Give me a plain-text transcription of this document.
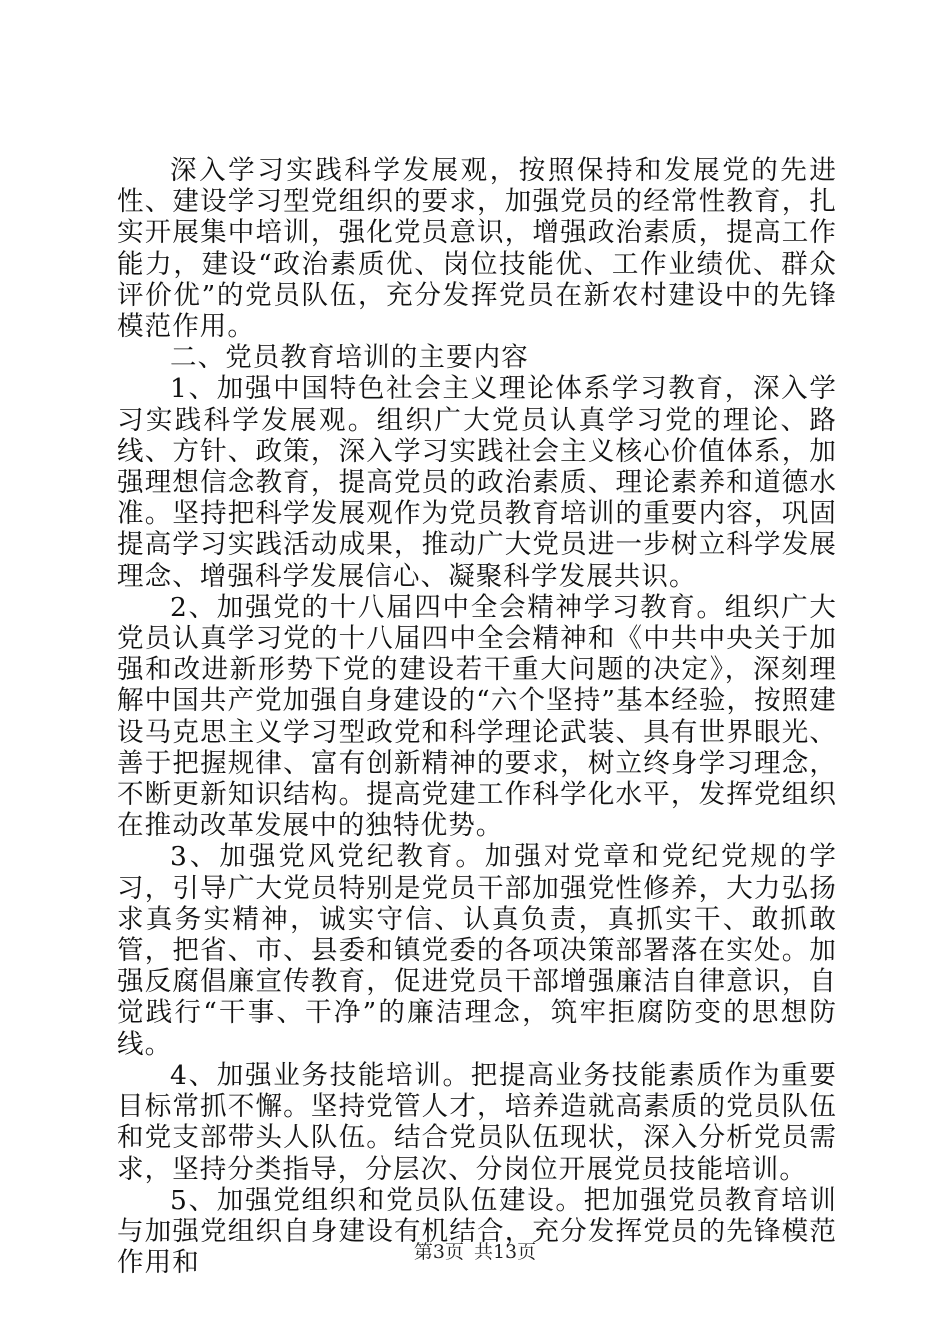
深入学习实践科学发展观，按照保持和发展党的先进性、建设学习型党组织的要求，加强党员的经常性教育，扎实开展集中培训，强化党员意识，增强政治素质，提高工作能力，建设“政治素质优、岗位技能优、工作业绩优、群众评价优”的党员队伍，充分发挥党员在新农村建设中的先锋模范作用。

二、党员教育培训的主要内容

1、加强中国特色社会主义理论体系学习教育，深入学习实践科学发展观。组织广大党员认真学习党的理论、路线、方针、政策，深入学习实践社会主义核心价值体系，加强理想信念教育，提高党员的政治素质、理论素养和道德水准。坚持把科学发展观作为党员教育培训的重要内容，巩固提高学习实践活动成果，推动广大党员进一步树立科学发展理念、增强科学发展信心、凝聚科学发展共识。

2、加强党的十八届四中全会精神学习教育。组织广大党员认真学习党的十八届四中全会精神和《中共中央关于加强和改进新形势下党的建设若干重大问题的决定》，深刻理解中国共产党加强自身建设的“六个坚持”基本经验，按照建设马克思主义学习型政党和科学理论武装、具有世界眼光、善于把握规律、富有创新精神的要求，树立终身学习理念，不断更新知识结构。提高党建工作科学化水平，发挥党组织在推动改革发展中的独特优势。

3、加强党风党纪教育。加强对党章和党纪党规的学习，引导广大党员特别是党员干部加强党性修养，大力弘扬求真务实精神，诚实守信、认真负责，真抓实干、敢抓敢管，把省、市、县委和镇党委的各项决策部署落在实处。加强反腐倡廉宣传教育，促进党员干部增强廉洁自律意识，自觉践行“干事、干净”的廉洁理念，筑牢拒腐防变的思想防线。

4、加强业务技能培训。把提高业务技能素质作为重要目标常抓不懈。坚持党管人才，培养造就高素质的党员队伍和党支部带头人队伍。结合党员队伍现状，深入分析党员需求，坚持分类指导，分层次、分岗位开展党员技能培训。

5、加强党组织和党员队伍建设。把加强党员教育培训与加强党组织自身建设有机结合，充分发挥党员的先锋模范作用和	第3页 共13页
